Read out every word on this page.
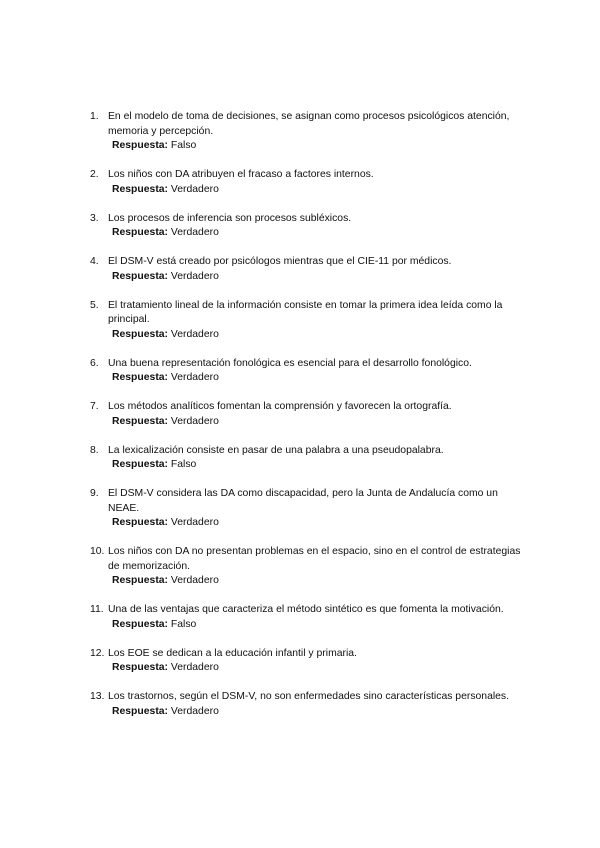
1. En el modelo de toma de decisiones, se asignan como procesos psicológicos atención, memoria y percepción.
Respuesta: Falso
2. Los niños con DA atribuyen el fracaso a factores internos.
Respuesta: Verdadero
3. Los procesos de inferencia son procesos subléxicos.
Respuesta: Verdadero
4. El DSM-V está creado por psicólogos mientras que el CIE-11 por médicos.
Respuesta: Verdadero
5. El tratamiento lineal de la información consiste en tomar la primera idea leída como la principal.
Respuesta: Verdadero
6. Una buena representación fonológica es esencial para el desarrollo fonológico.
Respuesta: Verdadero
7. Los métodos analíticos fomentan la comprensión y favorecen la ortografía.
Respuesta: Verdadero
8. La lexicalización consiste en pasar de una palabra a una pseudopalabra.
Respuesta: Falso
9. El DSM-V considera las DA como discapacidad, pero la Junta de Andalucía como un NEAE.
Respuesta: Verdadero
10. Los niños con DA no presentan problemas en el espacio, sino en el control de estrategias de memorización.
Respuesta: Verdadero
11. Una de las ventajas que caracteriza el método sintético es que fomenta la motivación.
Respuesta: Falso
12. Los EOE se dedican a la educación infantil y primaria.
Respuesta: Verdadero
13. Los trastornos, según el DSM-V, no son enfermedades sino características personales.
Respuesta: Verdadero
